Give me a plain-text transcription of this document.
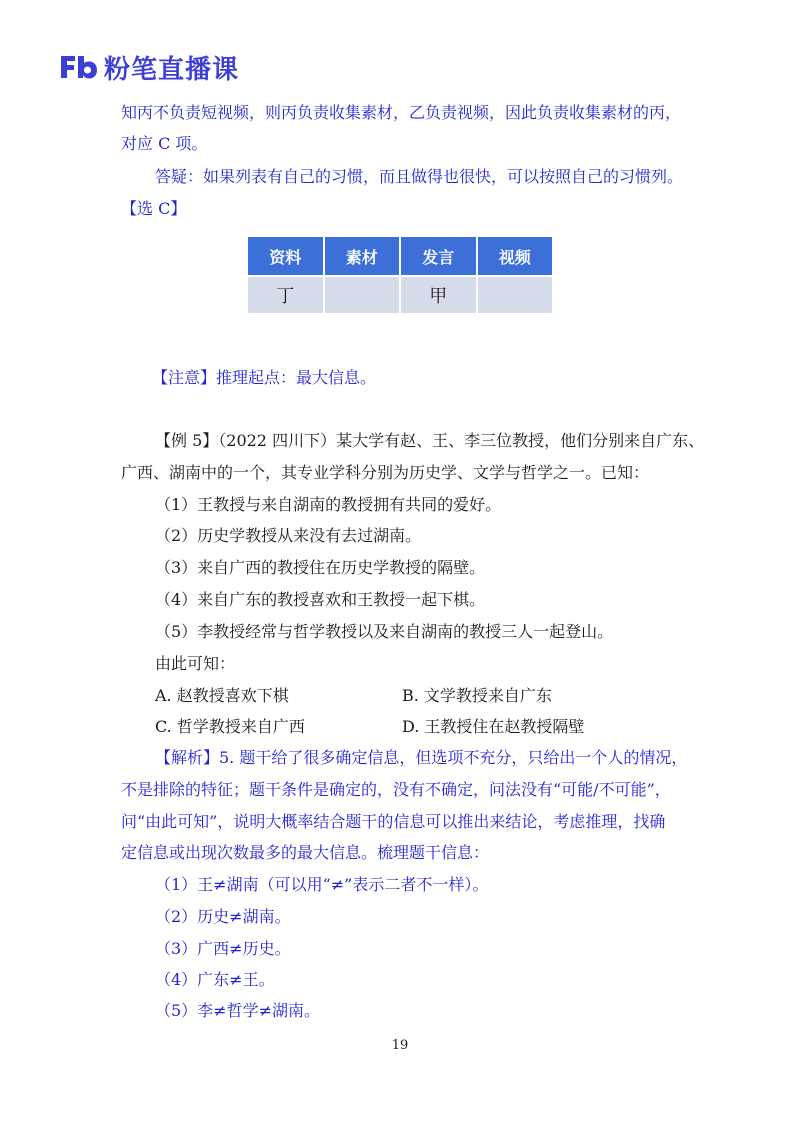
粉笔直播课
知丙不负责短视频，则丙负责收集素材，乙负责视频，因此负责收集素材的丙，
对应 C 项。
答疑：如果列表有自己的习惯，而且做得也很快，可以按照自己的习惯列。
【选 C】
资料	素材	发言	视频
丁		甲	
【注意】推理起点：最大信息。
【例 5】（2022 四川下）某大学有赵、王、李三位教授，他们分别来自广东、
广西、湖南中的一个，其专业学科分别为历史学、文学与哲学之一。已知：
（1）王教授与来自湖南的教授拥有共同的爱好。
（2）历史学教授从来没有去过湖南。
（3）来自广西的教授住在历史学教授的隔壁。
（4）来自广东的教授喜欢和王教授一起下棋。
（5）李教授经常与哲学教授以及来自湖南的教授三人一起登山。
由此可知：
A. 赵教授喜欢下棋	B. 文学教授来自广东
C. 哲学教授来自广西	D. 王教授住在赵教授隔壁
【解析】5. 题干给了很多确定信息，但选项不充分，只给出一个人的情况，
不是排除的特征；题干条件是确定的，没有不确定，问法没有“可能/不可能”，
问“由此可知”，说明大概率结合题干的信息可以推出来结论，考虑推理，找确
定信息或出现次数最多的最大信息。梳理题干信息：
（1）王≠湖南（可以用“≠”表示二者不一样）。
（2）历史≠湖南。
（3）广西≠历史。
（4）广东≠王。
（5）李≠哲学≠湖南。
19
